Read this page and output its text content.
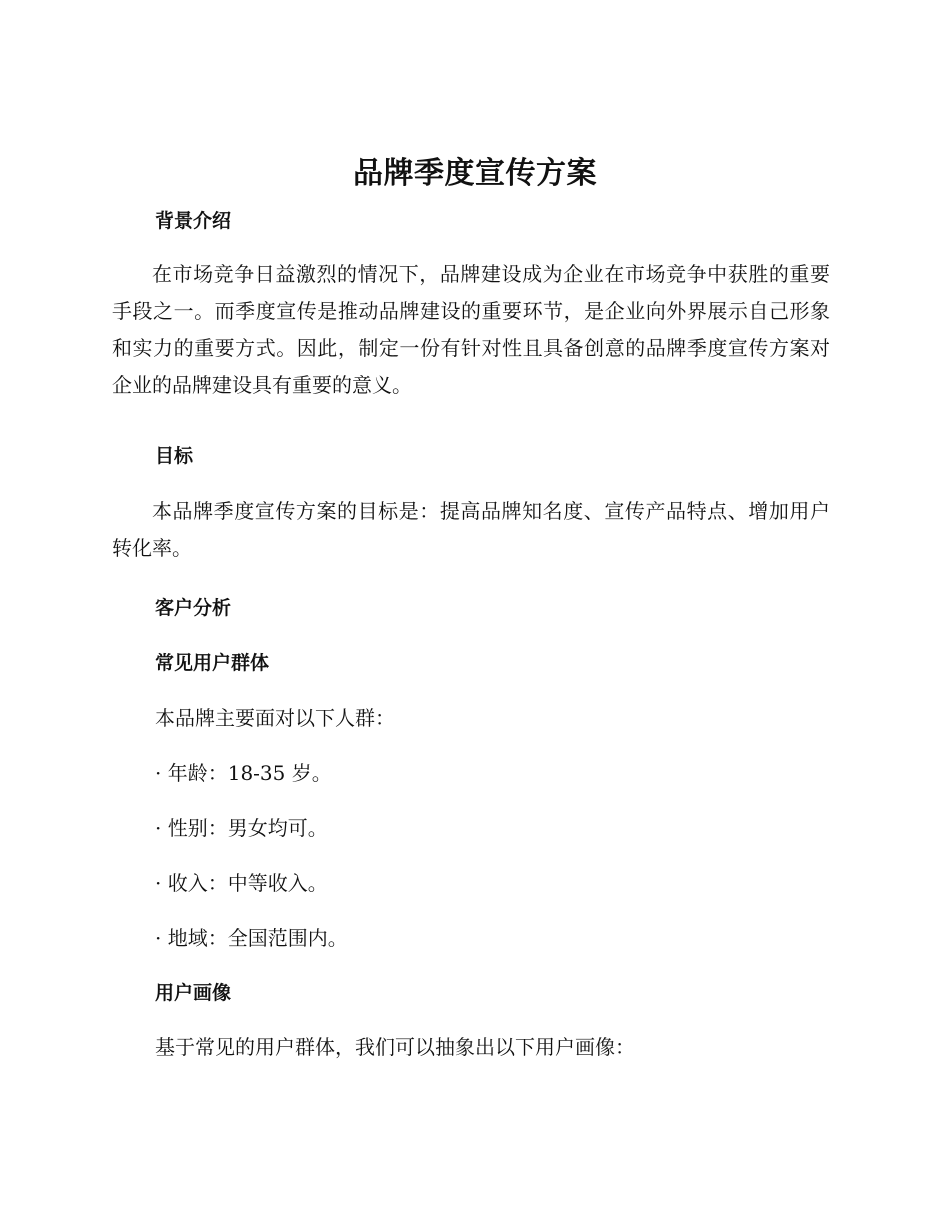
品牌季度宣传方案
背景介绍
在市场竞争日益激烈的情况下，品牌建设成为企业在市场竞争中获胜的重要手段之一。而季度宣传是推动品牌建设的重要环节，是企业向外界展示自己形象和实力的重要方式。因此，制定一份有针对性且具备创意的品牌季度宣传方案对企业的品牌建设具有重要的意义。
目标
本品牌季度宣传方案的目标是：提高品牌知名度、宣传产品特点、增加用户转化率。
客户分析
常见用户群体
本品牌主要面对以下人群：
· 年龄：18-35 岁。
· 性别：男女均可。
· 收入：中等收入。
· 地域：全国范围内。
用户画像
基于常见的用户群体，我们可以抽象出以下用户画像：
